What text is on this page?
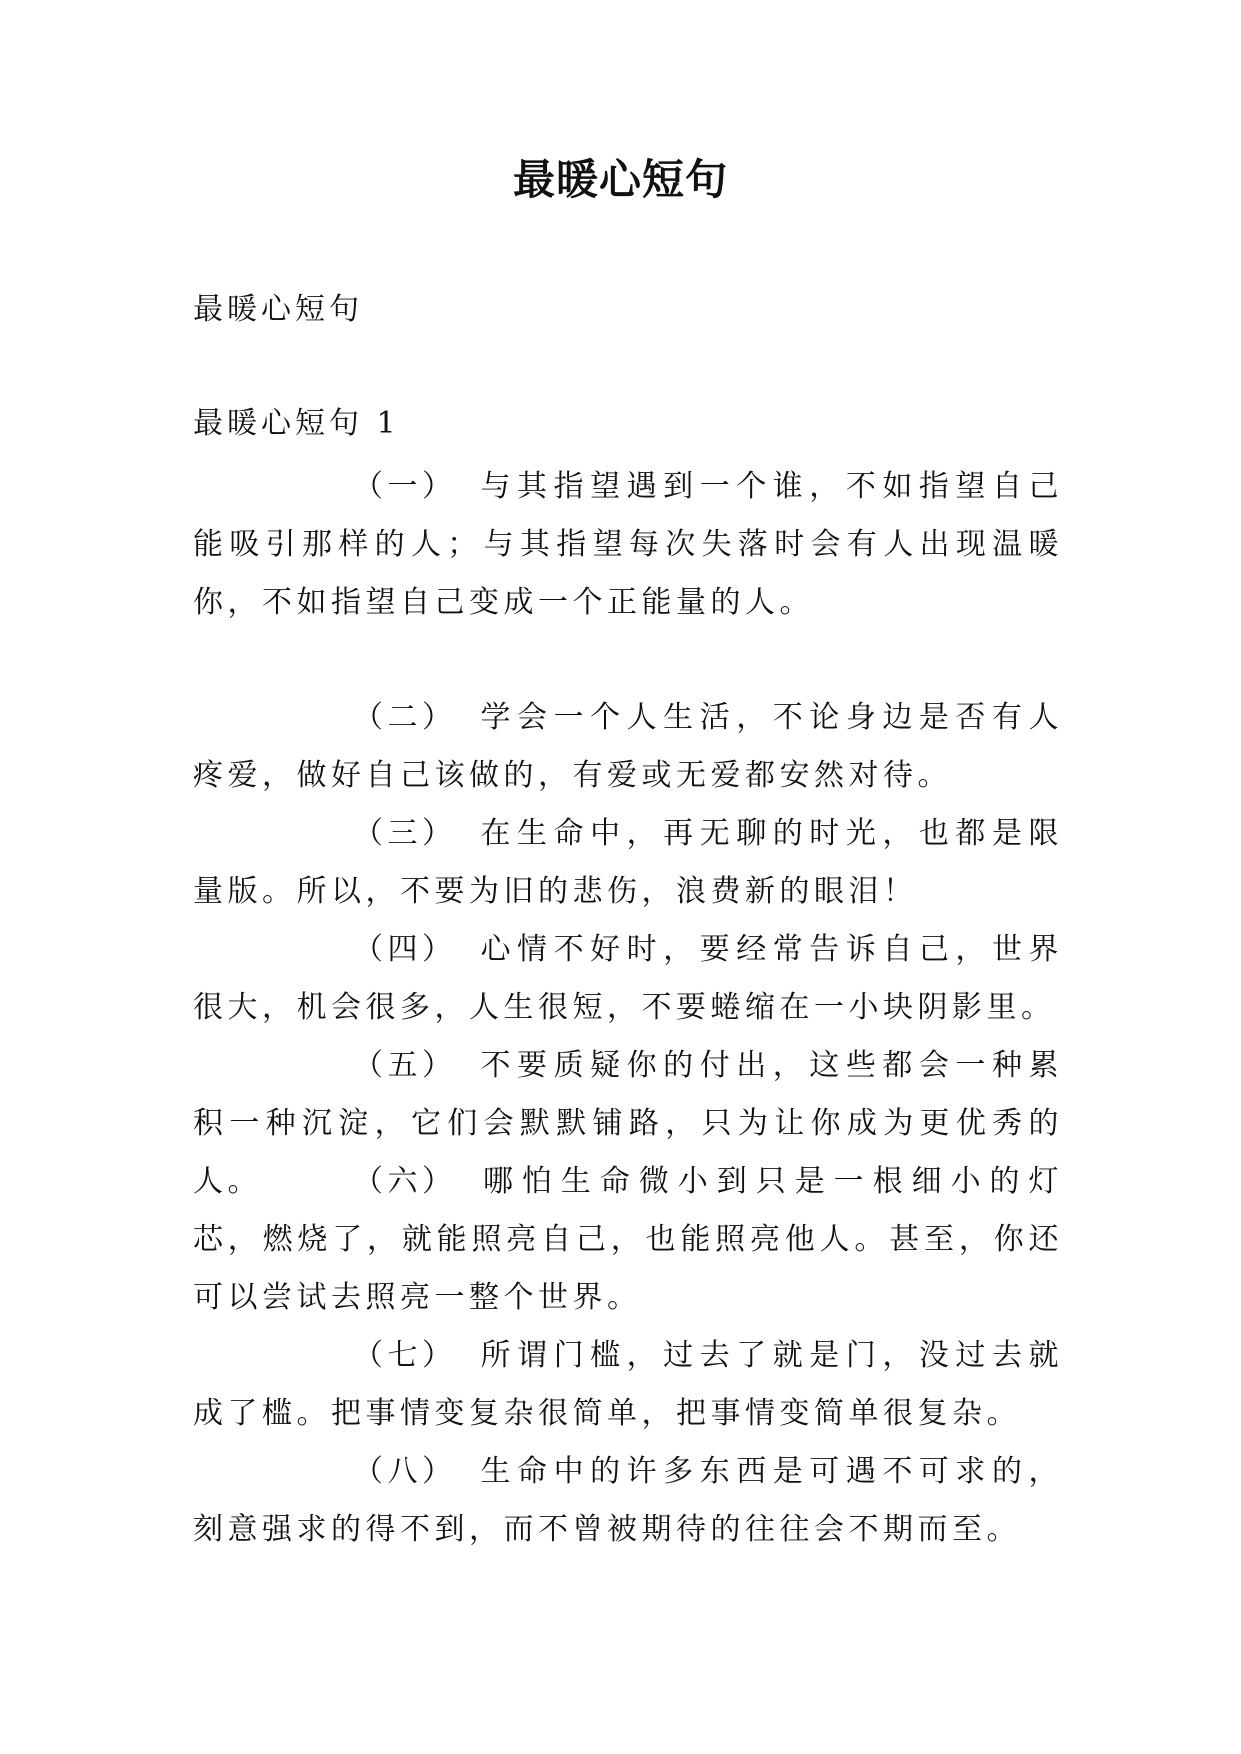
最暖心短句
最暖心短句
最暖心短句 1
（一） 与其指望遇到一个谁，不如指望自己能吸引那样的人；与其指望每次失落时会有人出现温暖你，不如指望自己变成一个正能量的人。
（二） 学会一个人生活，不论身边是否有人疼爱，做好自己该做的，有爱或无爱都安然对待。
（三） 在生命中，再无聊的时光，也都是限量版。所以，不要为旧的悲伤，浪费新的眼泪！
（四） 心情不好时，要经常告诉自己，世界很大，机会很多，人生很短，不要蜷缩在一小块阴影里。
（五） 不要质疑你的付出，这些都会一种累积一种沉淀，它们会默默铺路，只为让你成为更优秀的人。	（六） 哪怕生命微小到只是一根细小的灯芯，燃烧了，就能照亮自己，也能照亮他人。甚至，你还可以尝试去照亮一整个世界。
（七） 所谓门槛，过去了就是门，没过去就成了槛。把事情变复杂很简单，把事情变简单很复杂。
（八） 生命中的许多东西是可遇不可求的，刻意强求的得不到，而不曾被期待的往往会不期而至。
